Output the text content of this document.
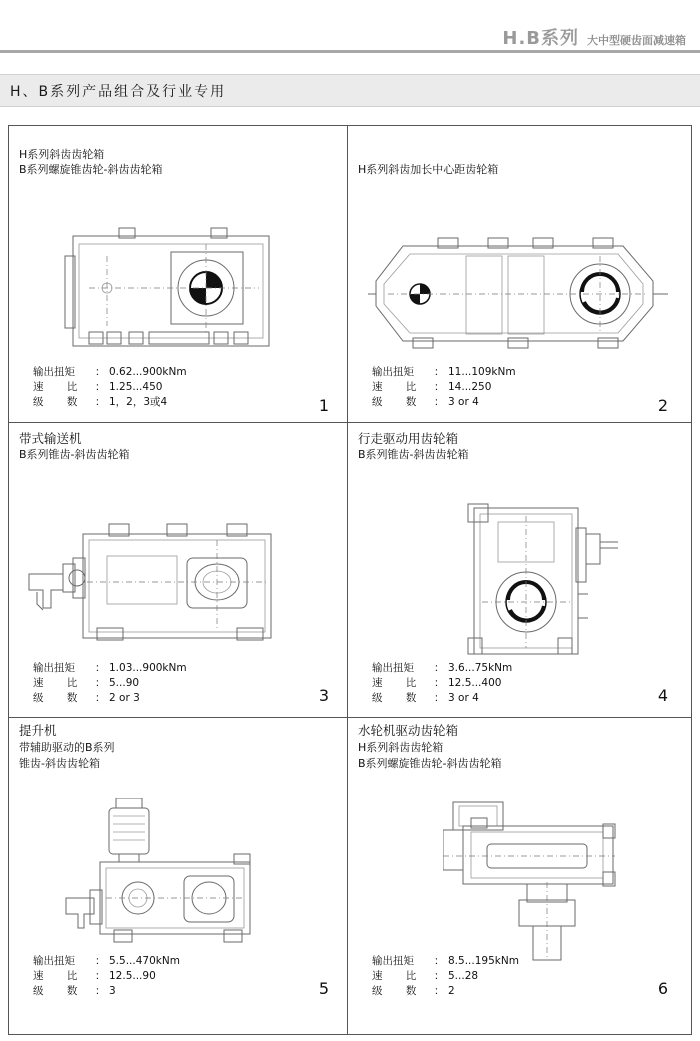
H.B系列 大中型硬齿面减速箱
H、B系列产品组合及行业专用
H系列斜齿齿轮箱
B系列螺旋锥齿轮-斜齿齿轮箱
输出扭矩	： 0.62...900kNm
速 比	： 1.25...450
级 数	： 1，2，3或4	1
H系列斜齿加长中心距齿轮箱
输出扭矩	： 11...109kNm
速 比	： 14...250
级 数	： 3 or 4	2
带式输送机
B系列锥齿-斜齿齿轮箱
输出扭矩	： 1.03...900kNm
速 比	： 5...90
级 数	： 2 or 3	3
行走驱动用齿轮箱
B系列锥齿-斜齿齿轮箱
输出扭矩	： 3.6...75kNm
速 比	： 12.5...400
级 数	： 3 or 4	4
提升机
带辅助驱动的B系列
锥齿-斜齿齿轮箱
输出扭矩	： 5.5...470kNm
速 比	： 12.5...90
级 数	： 3	5
水轮机驱动齿轮箱
H系列斜齿齿轮箱
B系列螺旋锥齿轮-斜齿齿轮箱
输出扭矩	： 8.5...195kNm
速 比	： 5...28
级 数	： 2	6
